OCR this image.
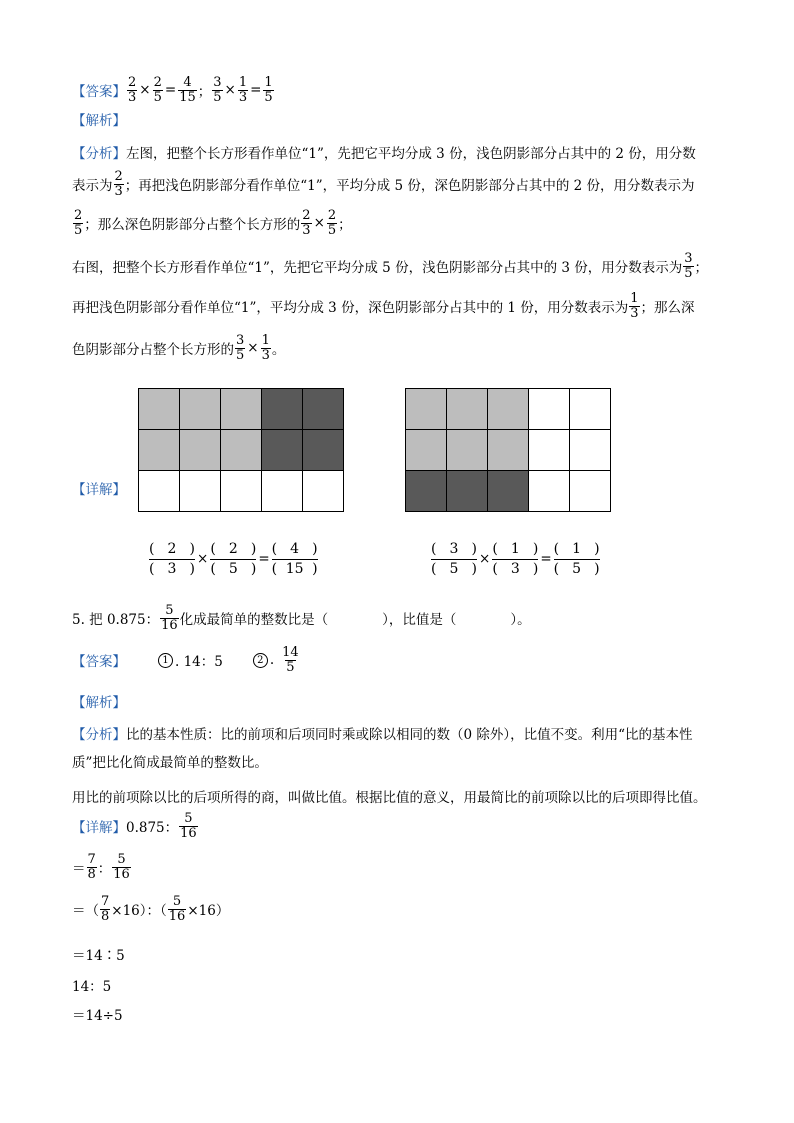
【答案】 $\frac{2}{3} \times \frac{2}{5} = \frac{4}{15}$ ； $\frac{3}{5} \times \frac{1}{3} = \frac{1}{5}$
【解析】
【分析】 左图，把整个长方形看作单位“1”，先把它平均分成 3 份，浅色阴影部分占其中的 2 份，用分数
表示为 $\frac{2}{3}$ ；再把浅色阴影部分看作单位“1”，平均分成 5 份，深色阴影部分占其中的 2 份，用分数表示为
$\frac{2}{5}$ ；那么深色阴影部分占整个长方形的 $\frac{2}{3} \times \frac{2}{5}$ ；
右图，把整个长方形看作单位“1”，先把它平均分成 5 份，浅色阴影部分占其中的 3 份，用分数表示为 $\frac{3}{5}$ ；
再把浅色阴影部分看作单位“1”，平均分成 3 份，深色阴影部分占其中的 1 份，用分数表示为 $\frac{1}{3}$ ；那么深
色阴影部分占整个长方形的 $\frac{3}{5} \times \frac{1}{3}$ 。
【详解】
$\frac{( 2 )}{( 3 )} \times \frac{( 2 )}{( 5 )} = \frac{( 4 )}{( 15 )}$	$\frac{( 3 )}{( 5 )} \times \frac{( 1 )}{( 3 )} = \frac{( 1 )}{( 5 )}$
5. 把 0.875： $\frac{5}{16}$ 化成最简单的整数比是（　　　　），比值是（　　　　）。
【答案】	1 . 14：5	2 . $\frac{14}{5}$
【解析】
【分析】 比的基本性质：比的前项和后项同时乘或除以相同的数（0 除外），比值不变。利用“比的基本性
质”把比化简成最简单的整数比。
用比的前项除以比的后项所得的商，叫做比值。根据比值的意义，用最简比的前项除以比的后项即得比值。
【详解】 0.875： $\frac{5}{16}$
＝ $\frac{7}{8}$ ： $\frac{5}{16}$
＝（ $\frac{7}{8} \times 16$）：（ $\frac{5}{16} \times 16$）
＝14∶5
14：5
＝14÷5
